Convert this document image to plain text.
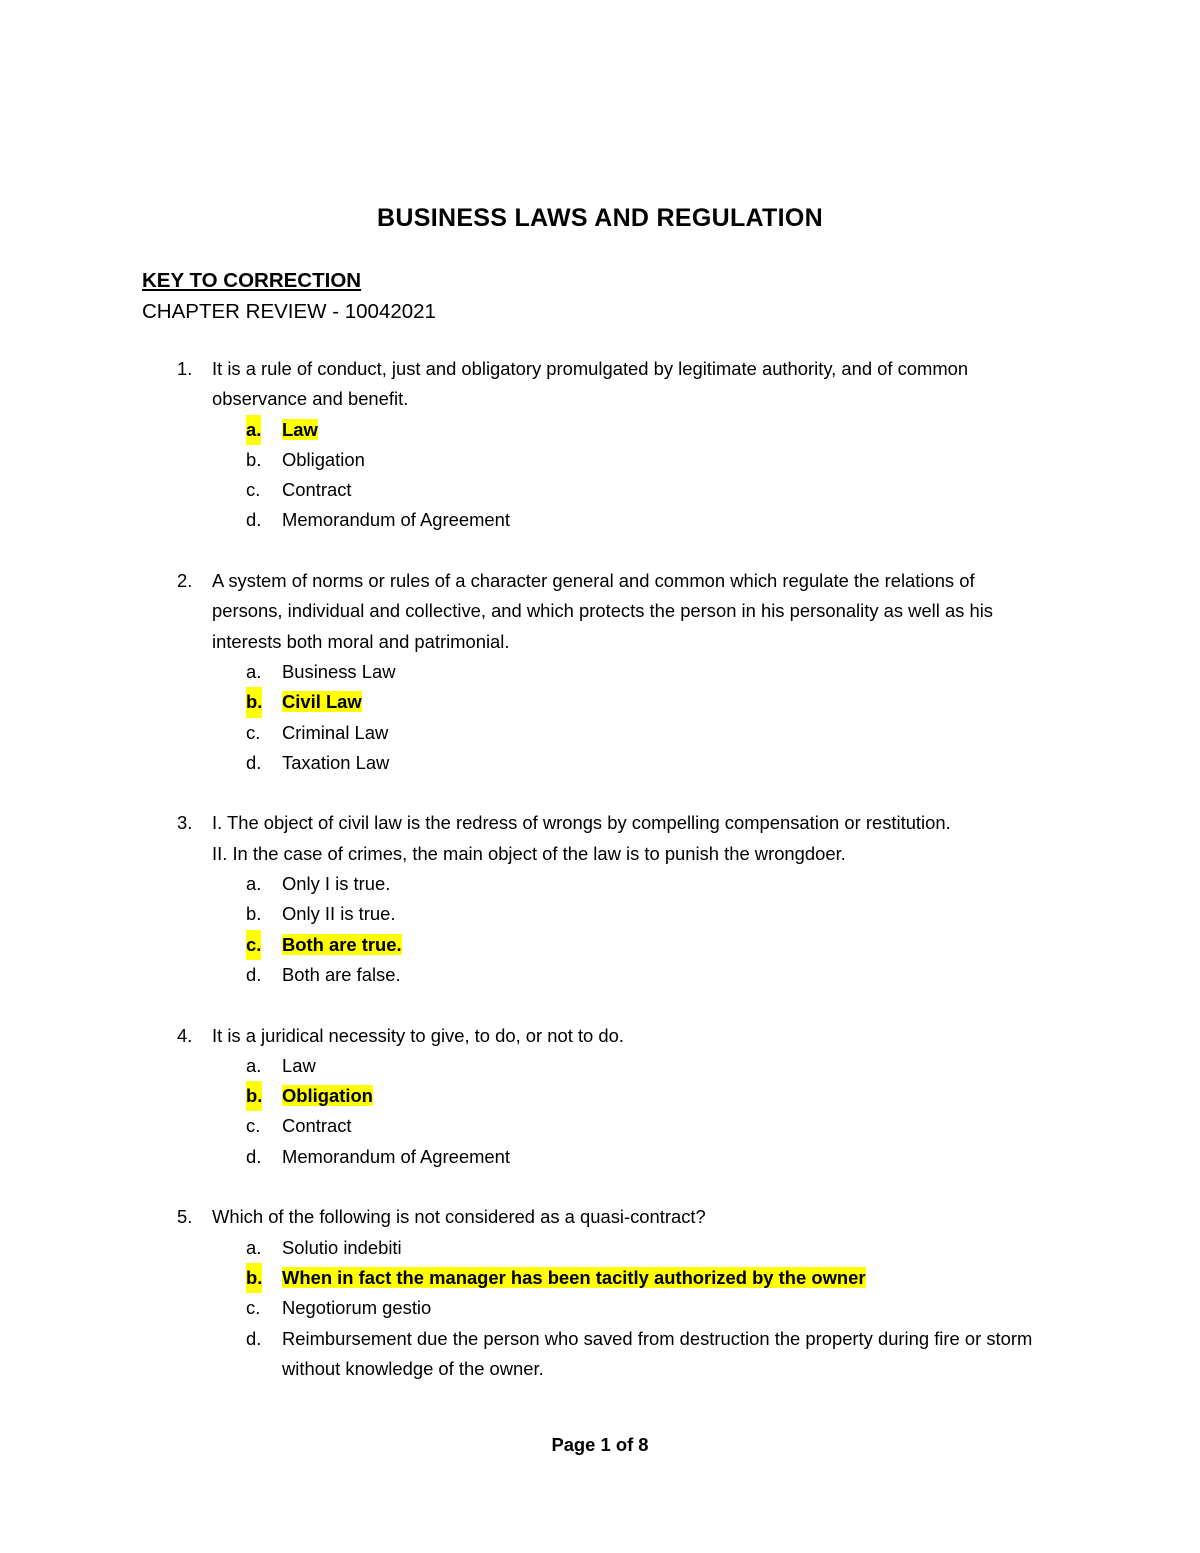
BUSINESS LAWS AND REGULATION
KEY TO CORRECTION
CHAPTER REVIEW - 10042021
1. It is a rule of conduct, just and obligatory promulgated by legitimate authority, and of common
observance and benefit.
a. Law
b. Obligation
c. Contract
d. Memorandum of Agreement
2. A system of norms or rules of a character general and common which regulate the relations of
persons, individual and collective, and which protects the person in his personality as well as his
interests both moral and patrimonial.
a. Business Law
b. Civil Law
c. Criminal Law
d. Taxation Law
3. I. The object of civil law is the redress of wrongs by compelling compensation or restitution.
II. In the case of crimes, the main object of the law is to punish the wrongdoer.
a. Only I is true.
b. Only II is true.
c. Both are true.
d. Both are false.
4. It is a juridical necessity to give, to do, or not to do.
a. Law
b. Obligation
c. Contract
d. Memorandum of Agreement
5. Which of the following is not considered as a quasi-contract?
a. Solutio indebiti
b. When in fact the manager has been tacitly authorized by the owner
c. Negotiorum gestio
d. Reimbursement due the person who saved from destruction the property during fire or storm without knowledge of the owner.
Page 1 of 8
